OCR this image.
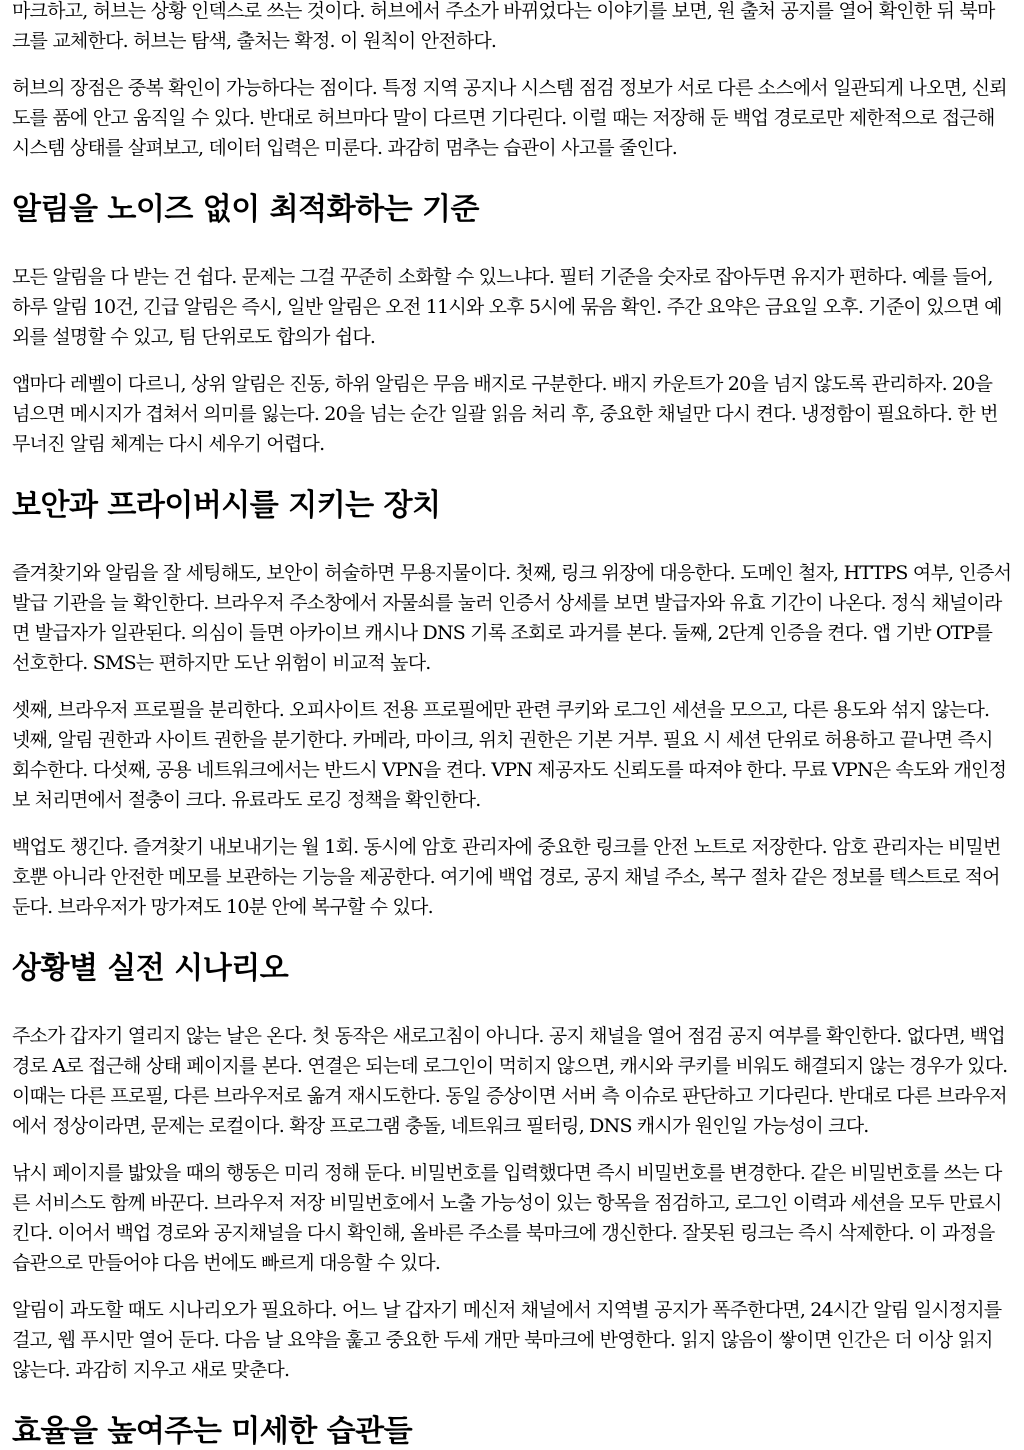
마크하고, 허브는 상황 인덱스로 쓰는 것이다. 허브에서 주소가 바뀌었다는 이야기를 보면, 원 출처 공지를 열어 확인한 뒤 북마크를 교체한다. 허브는 탐색, 출처는 확정. 이 원칙이 안전하다.

허브의 장점은 중복 확인이 가능하다는 점이다. 특정 지역 공지나 시스템 점검 정보가 서로 다른 소스에서 일관되게 나오면, 신뢰도를 품에 안고 움직일 수 있다. 반대로 허브마다 말이 다르면 기다린다. 이럴 때는 저장해 둔 백업 경로로만 제한적으로 접근해 시스템 상태를 살펴보고, 데이터 입력은 미룬다. 과감히 멈추는 습관이 사고를 줄인다.

알림을 노이즈 없이 최적화하는 기준

모든 알림을 다 받는 건 쉽다. 문제는 그걸 꾸준히 소화할 수 있느냐다. 필터 기준을 숫자로 잡아두면 유지가 편하다. 예를 들어, 하루 알림 10건, 긴급 알림은 즉시, 일반 알림은 오전 11시와 오후 5시에 묶음 확인. 주간 요약은 금요일 오후. 기준이 있으면 예외를 설명할 수 있고, 팀 단위로도 합의가 쉽다.

앱마다 레벨이 다르니, 상위 알림은 진동, 하위 알림은 무음 배지로 구분한다. 배지 카운트가 20을 넘지 않도록 관리하자. 20을 넘으면 메시지가 겹쳐서 의미를 잃는다. 20을 넘는 순간 일괄 읽음 처리 후, 중요한 채널만 다시 켠다. 냉정함이 필요하다. 한 번 무너진 알림 체계는 다시 세우기 어렵다.

보안과 프라이버시를 지키는 장치

즐겨찾기와 알림을 잘 세팅해도, 보안이 허술하면 무용지물이다. 첫째, 링크 위장에 대응한다. 도메인 철자, HTTPS 여부, 인증서 발급 기관을 늘 확인한다. 브라우저 주소창에서 자물쇠를 눌러 인증서 상세를 보면 발급자와 유효 기간이 나온다. 정식 채널이라면 발급자가 일관된다. 의심이 들면 아카이브 캐시나 DNS 기록 조회로 과거를 본다. 둘째, 2단계 인증을 켠다. 앱 기반 OTP를 선호한다. SMS는 편하지만 도난 위험이 비교적 높다.

셋째, 브라우저 프로필을 분리한다. 오피사이트 전용 프로필에만 관련 쿠키와 로그인 세션을 모으고, 다른 용도와 섞지 않는다. 넷째, 알림 권한과 사이트 권한을 분기한다. 카메라, 마이크, 위치 권한은 기본 거부. 필요 시 세션 단위로 허용하고 끝나면 즉시 회수한다. 다섯째, 공용 네트워크에서는 반드시 VPN을 켠다. VPN 제공자도 신뢰도를 따져야 한다. 무료 VPN은 속도와 개인정보 처리면에서 절충이 크다. 유료라도 로깅 정책을 확인한다.

백업도 챙긴다. 즐겨찾기 내보내기는 월 1회. 동시에 암호 관리자에 중요한 링크를 안전 노트로 저장한다. 암호 관리자는 비밀번호뿐 아니라 안전한 메모를 보관하는 기능을 제공한다. 여기에 백업 경로, 공지 채널 주소, 복구 절차 같은 정보를 텍스트로 적어 둔다. 브라우저가 망가져도 10분 안에 복구할 수 있다.

상황별 실전 시나리오

주소가 갑자기 열리지 않는 날은 온다. 첫 동작은 새로고침이 아니다. 공지 채널을 열어 점검 공지 여부를 확인한다. 없다면, 백업 경로 A로 접근해 상태 페이지를 본다. 연결은 되는데 로그인이 먹히지 않으면, 캐시와 쿠키를 비워도 해결되지 않는 경우가 있다. 이때는 다른 프로필, 다른 브라우저로 옮겨 재시도한다. 동일 증상이면 서버 측 이슈로 판단하고 기다린다. 반대로 다른 브라우저에서 정상이라면, 문제는 로컬이다. 확장 프로그램 충돌, 네트워크 필터링, DNS 캐시가 원인일 가능성이 크다.

낚시 페이지를 밟았을 때의 행동은 미리 정해 둔다. 비밀번호를 입력했다면 즉시 비밀번호를 변경한다. 같은 비밀번호를 쓰는 다른 서비스도 함께 바꾼다. 브라우저 저장 비밀번호에서 노출 가능성이 있는 항목을 점검하고, 로그인 이력과 세션을 모두 만료시킨다. 이어서 백업 경로와 공지채널을 다시 확인해, 올바른 주소를 북마크에 갱신한다. 잘못된 링크는 즉시 삭제한다. 이 과정을 습관으로 만들어야 다음 번에도 빠르게 대응할 수 있다.

알림이 과도할 때도 시나리오가 필요하다. 어느 날 갑자기 메신저 채널에서 지역별 공지가 폭주한다면, 24시간 알림 일시정지를 걸고, 웹 푸시만 열어 둔다. 다음 날 요약을 훑고 중요한 두세 개만 북마크에 반영한다. 읽지 않음이 쌓이면 인간은 더 이상 읽지 않는다. 과감히 지우고 새로 맞춘다.

효율을 높여주는 미세한 습관들
